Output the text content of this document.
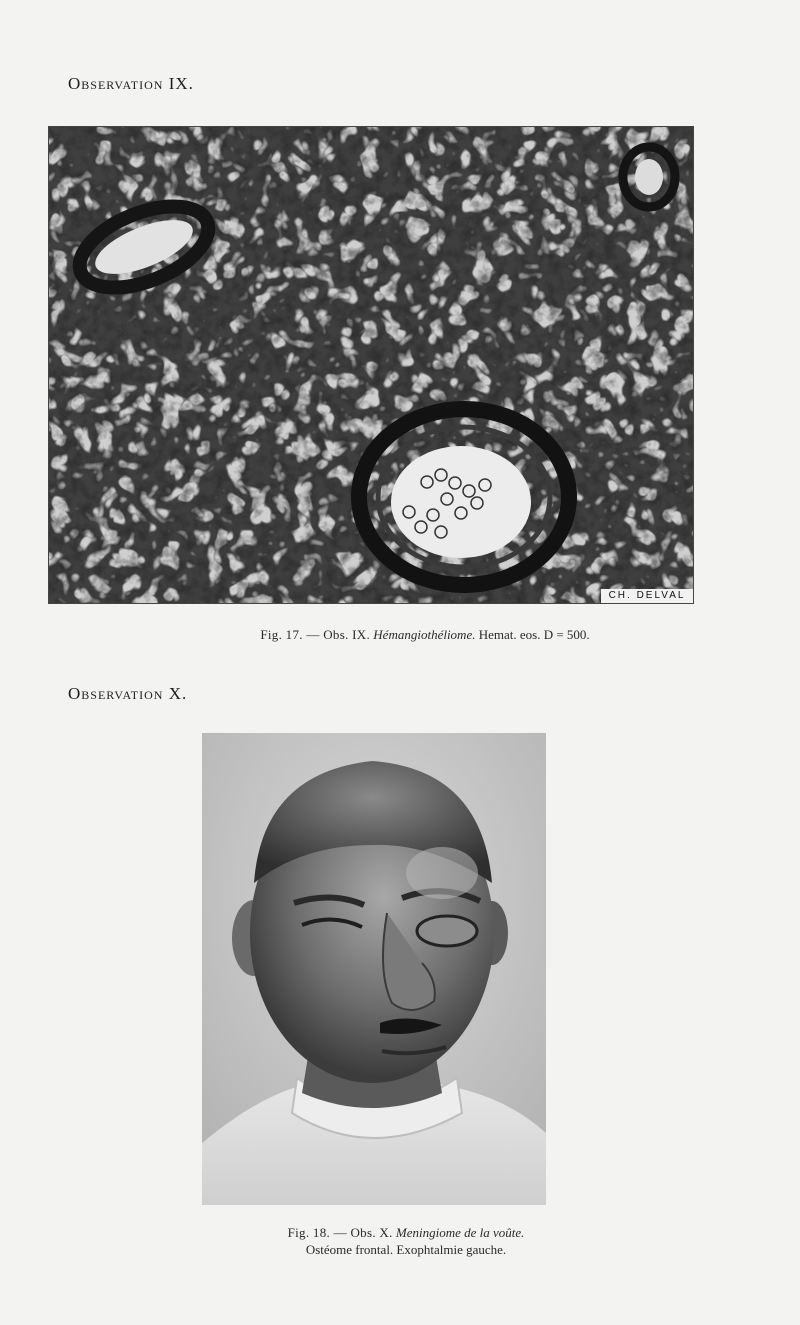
Observation IX.
CH. DELVAL
Fig. 17. — Obs. IX. Hémangiothéliome. Hemat. eos. D = 500.
Observation X.
Fig. 18. — Obs. X. Meningiome de la voûte.
Ostéome frontal. Exophtalmie gauche.
